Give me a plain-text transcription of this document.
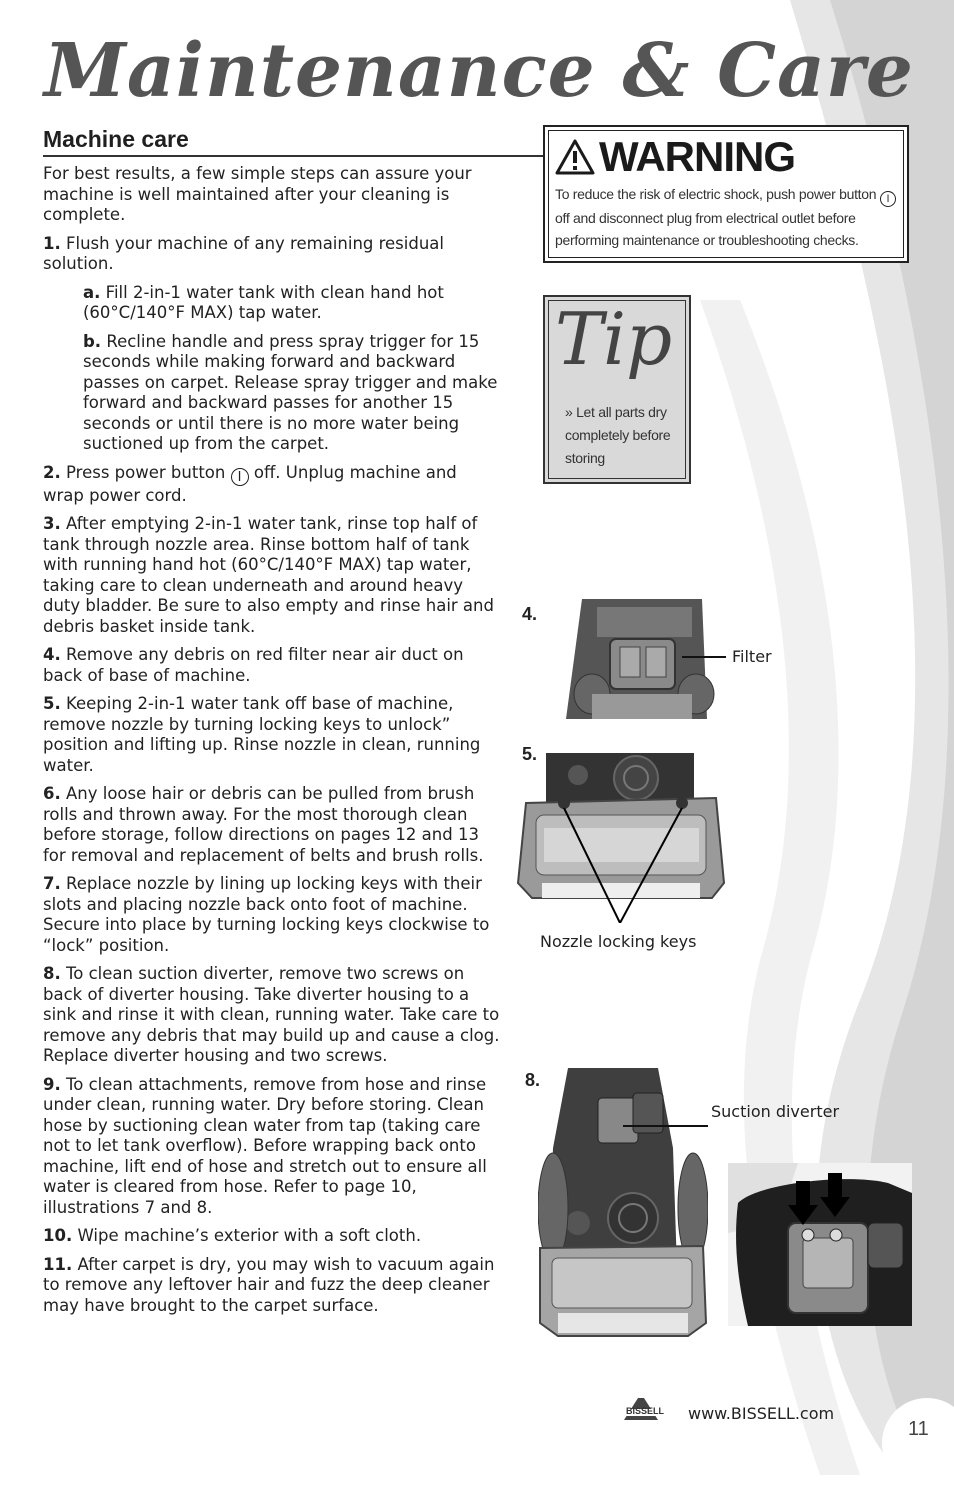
Maintenance & Care
Machine care

For best results, a few simple steps can assure your machine is well maintained after your cleaning is complete.

1. Flush your machine of any remaining residual solution.

a. Fill 2-in-1 water tank with clean hand hot (60°C/140°F MAX) tap water.

b. Recline handle and press spray trigger for 15 seconds while making forward and backward passes on carpet. Release spray trigger and make forward and backward passes for another 15 seconds or until there is no more water being suctioned up from the carpet.

2. Press power button I off. Unplug machine and wrap power cord.

3. After emptying 2-in-1 water tank, rinse top half of tank through nozzle area. Rinse bottom half of tank with running hand hot (60°C/140°F MAX) tap water, taking care to clean underneath and around heavy duty bladder. Be sure to also empty and rinse hair and debris basket inside tank.

4. Remove any debris on red filter near air duct on back of base of machine.

5. Keeping 2-in-1 water tank off base of machine, remove nozzle by turning locking keys to unlock” position and lifting up. Rinse nozzle in clean, running water.

6. Any loose hair or debris can be pulled from brush rolls and thrown away. For the most thorough clean before storage, follow directions on pages 12 and 13 for removal and replacement of belts and brush rolls.

7. Replace nozzle by lining up locking keys with their slots and placing nozzle back onto foot of machine. Secure into place by turning locking keys clockwise to “lock” position.

8. To clean suction diverter, remove two screws on back of diverter housing. Take diverter housing to a sink and rinse it with clean, running water. Take care to remove any debris that may build up and cause a clog. Replace diverter housing and two screws.

9. To clean attachments, remove from hose and rinse under clean, running water. Dry before storing. Clean hose by suctioning clean water from tap (taking care not to let tank overflow). Before wrapping back onto machine, lift end of hose and stretch out to ensure all water is cleared from hose. Refer to page 10, illustrations 7 and 8.

10. Wipe machine’s exterior with a soft cloth.

11. After carpet is dry, you may wish to vacuum again to remove any leftover hair and fuzz the deep cleaner may have brought to the carpet surface.

WARNING
To reduce the risk of electric shock, push power button I off and disconnect plug from electrical outlet before performing maintenance or troubleshooting checks.
Tip
» Let all parts dry completely before storing
4.
Filter
5.
Nozzle locking keys
8.
Suction diverter
BISSELL www.BISSELL.com
11
